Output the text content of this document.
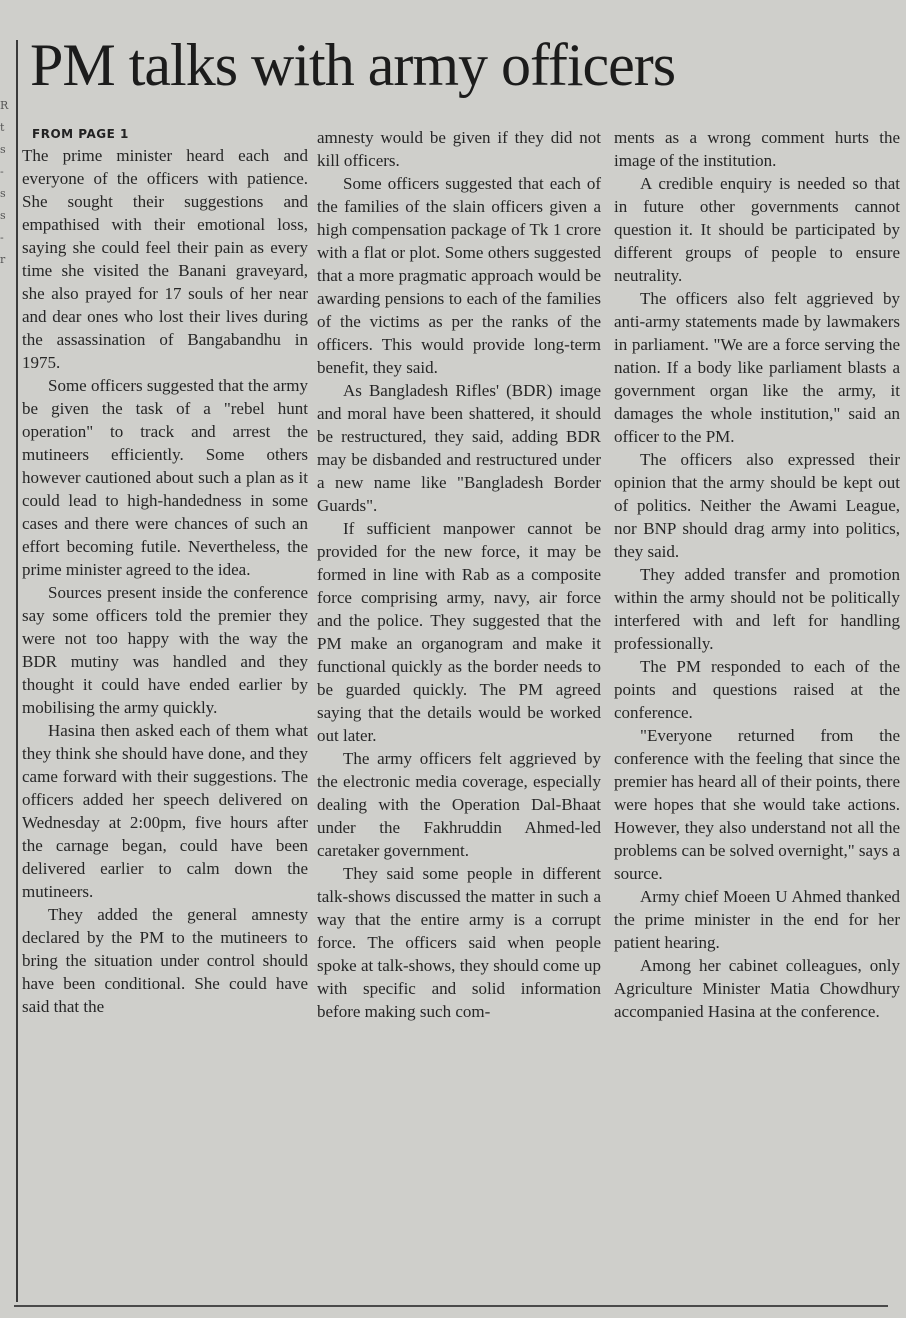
R
t
s
-
s
s
-
r
PM talks with army officers
FROM PAGE 1

The prime minister heard each and everyone of the officers with patience. She sought their suggestions and empathised with their emotional loss, saying she could feel their pain as every time she visited the Banani graveyard, she also prayed for 17 souls of her near and dear ones who lost their lives during the assassination of Bangabandhu in 1975.

Some officers suggested that the army be given the task of a "rebel hunt operation" to track and arrest the mutineers efficiently. Some others however cautioned about such a plan as it could lead to high-handedness in some cases and there were chances of such an effort becoming futile. Nevertheless, the prime minister agreed to the idea.

Sources present inside the conference say some officers told the premier they were not too happy with the way the BDR mutiny was handled and they thought it could have ended earlier by mobilising the army quickly.

Hasina then asked each of them what they think she should have done, and they came forward with their suggestions. The officers added her speech delivered on Wednesday at 2:00pm, five hours after the carnage began, could have been delivered earlier to calm down the mutineers.

They added the general amnesty declared by the PM to the mutineers to bring the situation under control should have been conditional. She could have said that the

amnesty would be given if they did not kill officers.

Some officers suggested that each of the families of the slain officers given a high compensation package of Tk 1 crore with a flat or plot. Some others suggested that a more pragmatic approach would be awarding pensions to each of the families of the victims as per the ranks of the officers. This would provide long-term benefit, they said.

As Bangladesh Rifles' (BDR) image and moral have been shattered, it should be restructured, they said, adding BDR may be disbanded and restructured under a new name like "Bangladesh Border Guards".

If sufficient manpower cannot be provided for the new force, it may be formed in line with Rab as a composite force comprising army, navy, air force and the police. They suggested that the PM make an organogram and make it functional quickly as the border needs to be guarded quickly. The PM agreed saying that the details would be worked out later.

The army officers felt aggrieved by the electronic media coverage, especially dealing with the Operation Dal-Bhaat under the Fakhruddin Ahmed-led caretaker government.

They said some people in different talk-shows discussed the matter in such a way that the entire army is a corrupt force. The officers said when people spoke at talk-shows, they should come up with specific and solid information before making such com-

ments as a wrong comment hurts the image of the institution.

A credible enquiry is needed so that in future other governments cannot question it. It should be participated by different groups of people to ensure neutrality.

The officers also felt aggrieved by anti-army statements made by lawmakers in parliament. "We are a force serving the nation. If a body like parliament blasts a government organ like the army, it damages the whole institution," said an officer to the PM.

The officers also expressed their opinion that the army should be kept out of politics. Neither the Awami League, nor BNP should drag army into politics, they said.

They added transfer and promotion within the army should not be politically interfered with and left for handling professionally.

The PM responded to each of the points and questions raised at the conference.

"Everyone returned from the conference with the feeling that since the premier has heard all of their points, there were hopes that she would take actions. However, they also understand not all the problems can be solved overnight," says a source.

Army chief Moeen U Ahmed thanked the prime minister in the end for her patient hearing.

Among her cabinet colleagues, only Agriculture Minister Matia Chowdhury accompanied Hasina at the conference.
